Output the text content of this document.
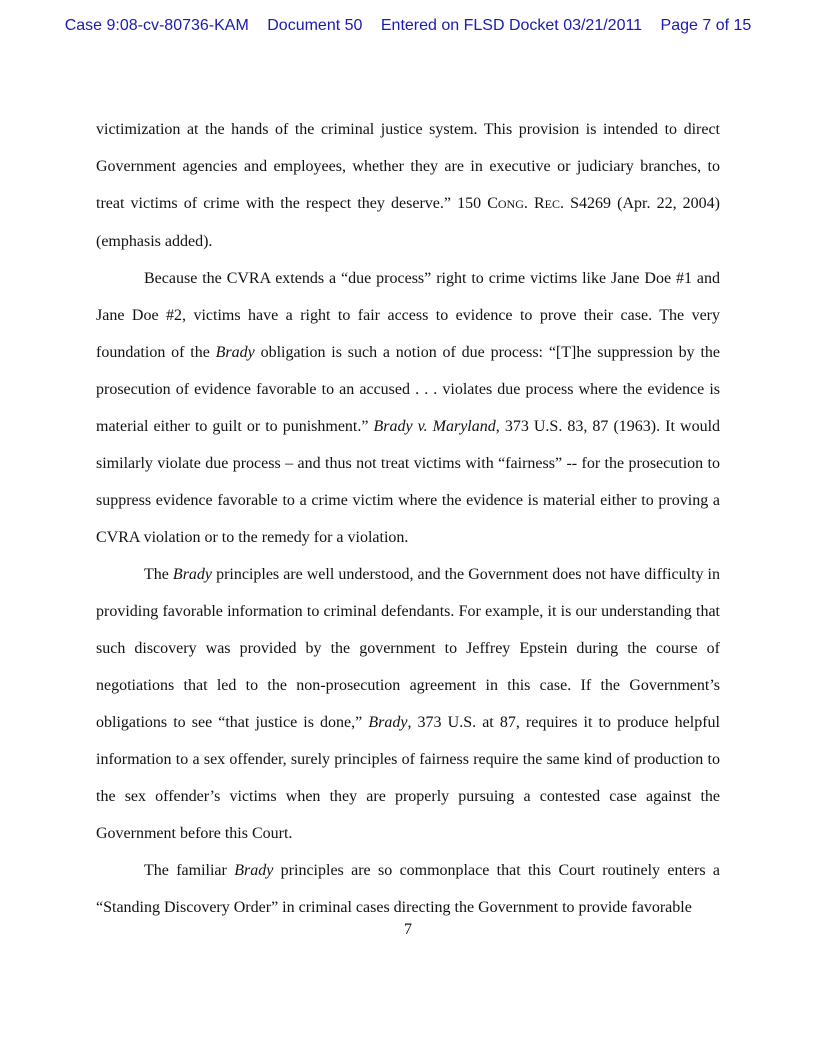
Case 9:08-cv-80736-KAM Document 50 Entered on FLSD Docket 03/21/2011 Page 7 of 15

victimization at the hands of the criminal justice system. This provision is intended to direct Government agencies and employees, whether they are in executive or judiciary branches, to treat victims of crime with the respect they deserve.” 150 CONG. REC. S4269 (Apr. 22, 2004) (emphasis added).

Because the CVRA extends a “due process” right to crime victims like Jane Doe #1 and Jane Doe #2, victims have a right to fair access to evidence to prove their case. The very foundation of the Brady obligation is such a notion of due process: “[T]he suppression by the prosecution of evidence favorable to an accused . . . violates due process where the evidence is material either to guilt or to punishment.” Brady v. Maryland, 373 U.S. 83, 87 (1963). It would similarly violate due process – and thus not treat victims with “fairness” -- for the prosecution to suppress evidence favorable to a crime victim where the evidence is material either to proving a CVRA violation or to the remedy for a violation.

The Brady principles are well understood, and the Government does not have difficulty in providing favorable information to criminal defendants. For example, it is our understanding that such discovery was provided by the government to Jeffrey Epstein during the course of negotiations that led to the non-prosecution agreement in this case. If the Government’s obligations to see “that justice is done,” Brady, 373 U.S. at 87, requires it to produce helpful information to a sex offender, surely principles of fairness require the same kind of production to the sex offender’s victims when they are properly pursuing a contested case against the Government before this Court.

The familiar Brady principles are so commonplace that this Court routinely enters a “Standing Discovery Order” in criminal cases directing the Government to provide favorable

7
